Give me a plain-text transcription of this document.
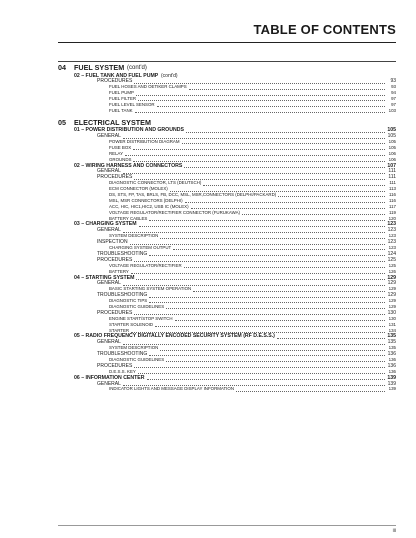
TABLE OF CONTENTS
04 FUEL SYSTEM (cont'd)
02 – FUEL TANK AND FUEL PUMP (cont'd)
PROCEDURES	93
FUEL HOSES AND OETIKER CLAMPS	93
FUEL PUMP	94
FUEL FILTER	97
FUEL LEVEL SENSOR	97
FUEL TANK	103
05 ELECTRICAL SYSTEM
01 – POWER DISTRIBUTION AND GROUNDS	105
GENERAL	105
POWER DISTRIBUTION DIAGRAM	105
FUSE BOX	105
RELAY	106
GROUNDS	106
02 – WIRING HARNESS AND CONNECTORS	107
GENERAL	111
PROCEDURES	111
DIAGNOSTIC CONNECTOR, LTS (DEUTSCH)	111
ECM CONNECTOR (MOLEX)	113
DS, STS, FP, TAS, BRLS, FB, DCC, MSL, MSR,CONNECTORS (DELPHI/PACKARD)	116
MSL, MSR CONNECTORS (DELPHI)	116
ACC, HIC, HIC1,HIC2, USB IC (MOLEX)	117
VOLTAGE REGULATOR/RECTIFIER CONNECTOR (FURUKAWA)	119
BATTERY CABLES	120
03 – CHARGING SYSTEM	123
GENERAL	123
SYSTEM DESCRIPTION	123
INSPECTION	123
CHARGING SYSTEM OUTPUT	123
TROUBLESHOOTING	124
PROCEDURES	125
VOLTAGE REGULATOR/RECTIFIER	125
BATTERY	126
04 – STARTING SYSTEM	129
GENERAL	129
BASIC STARTING SYSTEM OPERATION	129
TROUBLESHOOTING	129
DIAGNOSTIC TIPS	129
DIAGNOSTIC GUIDELINES	129
PROCEDURES	130
ENGINE START/STOP SWITCH	130
STARTER SOLENOID	131
STARTER	134
05 – RADIO FREQUENCY DIGITALLY ENCODED SECURITY SYSTEM (RF D.E.S.S.)	135
GENERAL	135
SYSTEM DESCRIPTION	135
TROUBLESHOOTING	136
DIAGNOSTIC GUIDELINES	136
PROCEDURES	136
D.E.S.S. KEY	136
06 – INFORMATION CENTER	139
GENERAL	139
INDICATOR LIGHTS AND MESSAGE DISPLAY INFORMATION	139
iii
